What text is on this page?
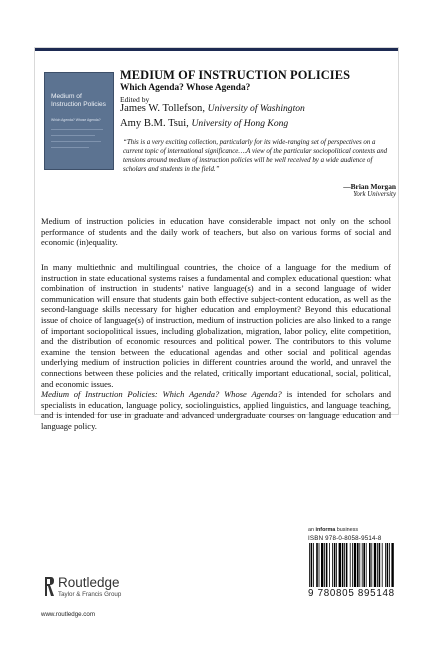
Medium of Instruction Policies
Which Agenda? Whose Agenda?
MEDIUM OF INSTRUCTION POLICIES
Which Agenda? Whose Agenda?
Edited by
James W. Tollefson, University of Washington
Amy B.M. Tsui, University of Hong Kong
“This is a very exciting collection, particularly for its wide-ranging set of perspectives on a current topic of international significance….A view of the particular sociopolitical contexts and tensions around medium of instruction policies will be well received by a wide audience of scholars and students in the field.”
—Brian Morgan
York University
Medium of instruction policies in education have considerable impact not only on the school performance of students and the daily work of teachers, but also on various forms of social and economic (in)equality.
In many multiethnic and multilingual countries, the choice of a language for the medium of instruction in state educational systems raises a fundamental and complex educational question: what combination of instruction in students’ native language(s) and in a second language of wider communication will ensure that students gain both effective subject-content education, as well as the second-language skills necessary for higher education and employment? Beyond this educational issue of choice of language(s) of instruction, medium of instruction policies are also linked to a range of important sociopolitical issues, including globalization, migration, labor policy, elite competition, and the distribution of economic resources and political power. The contributors to this volume examine the tension between the educational agendas and other social and political agendas underlying medium of instruction policies in different countries around the world, and unravel the connections between these policies and the related, critically important educational, social, political, and economic issues.
Medium of Instruction Policies: Which Agenda? Whose Agenda? is intended for scholars and specialists in education, language policy, sociolinguistics, applied linguistics, and language teaching, and is intended for use in graduate and advanced undergraduate courses on language education and language policy.
an informa business
ISBN 978-0-8058-9514-8
9 780805 895148
Routledge
Taylor & Francis Group
www.routledge.com
